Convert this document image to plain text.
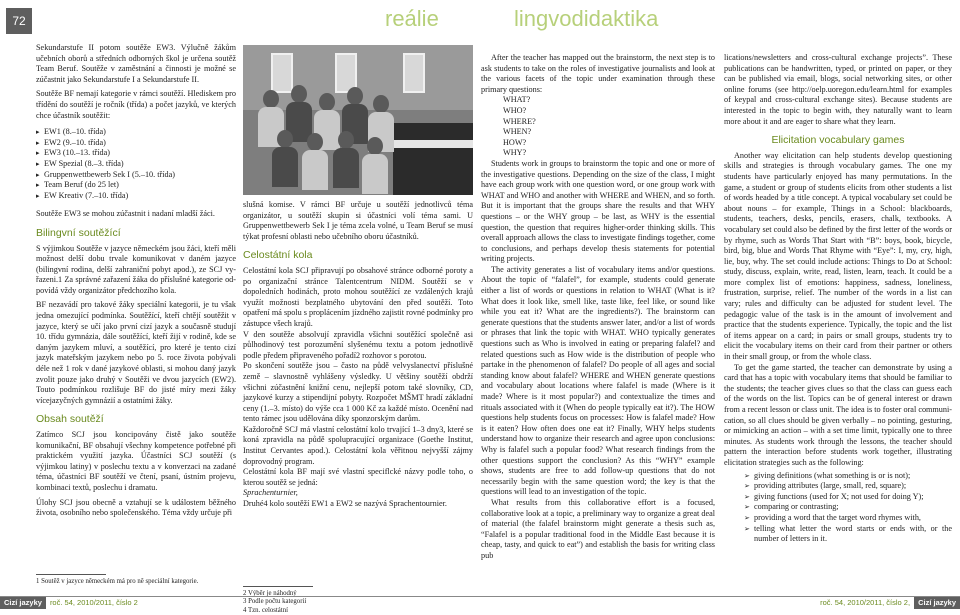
72	reálie	lingvodidaktika

Sekundarstufe II potom soutěže EW3. Výlučně žákům učebních oborů a středních odborných škol je určena soutěž Team Beruf. Soutěže v zaměstnání a činnosti je možné se zúčastnit jako Sekundarstufe I a Sekundarstufe II.

Soutěže BF nemají kategorie v rámci soutěží. Hlediskem pro třídění do soutěží je ročník (třída) a počet jazyků, ve kterých chce účastník soutěžit:

▸ EW1 (8.–10. třída)
▸ EW2 (9.–10. třída)
▸ EW3 (10.–13. třída)
▸ EW Spezial (8.–3. třída)
▸ Gruppenwettbewerb Sek I (5.–10. třída)
▸ Team Beruf (do 25 let)
▸ EW Kreativ (7.–10. třída)

Soutěže EW3 se mohou zúčastnit i nadaní mladší žáci.

Bilingvní soutěžící

S výjimkou Soutěže v jazyce německém jsou žáci, kteří měli možnost delší dobu trvale komunikovat v daném jazyce (bilingvní rodina, delší zahraniční pobyt apod.), ze SCJ vyřazeni.1 Za správné zařazení žáka do příslušné kategorie odpovídá vždy organizátor předchozího kola.

BF nezavádí pro takové žáky speciální kategorii, je tu však jedna omezující podmínka. Soutěžící, kteří chtějí soutěžit v jazyce, který se učí jako první cizí jazyk a současně studují 10. třídu gymnázia, dále soutěžící, kteří žijí v rodině, kde se daným jazykem mluví, a soutěžící, pro které je tento cizí jazyk mateřským jazykem nebo po 5. roce života pobývali déle než 1 rok v dané jazykové oblasti, si mohou daný jazyk zvolit pouze jako druhý v Soutěži ve dvou jazycích (EW2). Touto podmínkou rozlišuje BF do jisté míry mezi žáky vícejazyčných gymnázií a ostatními žáky.

Obsah soutěží

Zatímco SCJ jsou koncipovány čistě jako soutěže komunikační, BF obsahují všechny kompetence potřebné při praktickém využití jazyka. Účastníci SCJ soutěží (s výjimkou latiny) v poslechu textu a v konverzaci na zadané téma, účastníci BF soutěží ve čtení, psaní, ústním projevu, kombinaci textů, poslechu i dramatu.

Úlohy SCJ jsou obecně a vztahují se k událostem běžného života, osobního nebo společenského. Téma vždy určuje při

1 Soutěž v jazyce německém má pro ně speciální kategorie.

slušná komise. V rámci BF určuje u soutěží jednotlivců téma organizátor, u soutěží skupin si účastníci volí téma sami. U Gruppenwettbewerb Sek I je téma zcela volné, u Team Beruf se musí týkat profesní oblasti nebo učebního oboru účastníků.

Celostátní kola

Celostátní kola SCJ připravují po obsahové stránce odborné poroty a po organizační stránce Talentcentrum NIDM. Soutěží se v dopoledních hodinách, proto mohou soutěžící ze vzdálených krajů využít možnosti bezplatného ubytování den před soutěží. Toto opatření má spolu s proplácením jízdného zajistit rovné podmínky pro zástupce všech krajů.

V den soutěže absolvují zpravidla všichni soutěžící společně asi půlhodinový test porozumění slyšenému textu a potom jednotlivě podle předem připraveného pořadí2 rozhovor s porotou.

Po skončení soutěže jsou – často na půdě velvyslanectví příslušné země – slavnostně vyhlášeny výsledky. U většiny soutěží obdrží všichni zúčastnění knižní cenu, nejlepší potom také slovníky, CD, jazykové kurzy a stipendijní pobyty. Rozpočet MŠMT hradí základní ceny (1.–3. místo) do výše cca 1 000 Kč za každé místo. Ocenění nad tento rámec jsou udělována díky sponzorským darům.

Každoročně SCJ má vlastní celostátní kolo trvající 1–3 dny3, které se koná zpravidla na půdě spolupracující organizace (Goethe Institut, Institut Cervantes apod.). Celostátní kola věřitnou nejvyšší zájmy doprovodný program.

Celostátní kola BF mají své vlastní speciflcké názvy podle toho, o kterou soutěž se jedná:

Sprachenturnier,

Druhé4 kolo soutěží EW1 a EW2 se nazývá Sprachentournier.

2 Výběr je náhodný
3 Podle počtu kategorií
4 Tzn. celostátní

After the teacher has mapped out the brainstorm, the next step is to ask students to take on the roles of investigative journalists and look at the various facets of the topic under examination through these primary questions:

WHAT?
WHO?
WHERE?
WHEN?
HOW?
WHY?

Students work in groups to brainstorm the topic and one or more of the investigative questions. Depending on the size of the class, I might have each group work with one question word, or one group work with WHAT and WHO and another with WHERE and WHEN, and so forth. But it is important that the groups share the results and that WHY questions – or the WHY group – be last, as WHY is the essential question, the question that requires higher-order thinking skills. This overall approach allows the class to investigate findings together, come to conclusions, and perhaps develop thesis statements for potential writing projects.

The activity generates a list of vocabulary items and/or questions. About the topic of “falafel”, for example, students could generate either a list of words or questions in relation to WHAT (What is it? What does it look like, smell like, taste like, feel like, or sound like while you eat it? What are the ingredients?). The brainstorm can generate questions that the students answer later, and/or a list of words or phrases that link the topic with WHAT. WHO typically generates questions such as Who is involved in eating or preparing falafel? and related questions such as How wide is the distribution of people who partake in the phenomenon of falafel? Do people of all ages and social standing know about falafel? WHERE and WHEN generate questions and vocabulary about locations where falafel is made (Where is it made? Where is it most popular?) and contextualize the times and rituals associated with it (When do people typically eat it?). The HOW questions help students focus on processes: How is falafel made? How is it eaten? How often does one eat it? Finally, WHY helps students understand how to organize their research and agree upon conclusions: Why is falafel such a popular food? What research findings from the other questions support the conclusion? As this “WHY” example shows, students are free to add follow-up questions that do not necessarily begin with the same question word; the key is that the questions will lead to an investigation of the topic.

What results from this collaborative effort is a focused, collaborative look at a topic, a preliminary way to organize a great deal of material (the falafel brainstorm might generate a thesis such as, “Falafel is a popular traditional food in the Middle East because it is cheap, tasty, and quick to eat”) and establish the basis for writing class pub

lications/newsletters and cross-cultural exchange projects”. These publications can be handwritten, typed, or printed on paper, or they can be published via email, blogs, social networking sites, or other online forums (see http://oelp.uoregon.edu/learn.html for examples of keypal and cross-cultural exchange sites). Because students are interested in the topic to begin with, they naturally want to learn more about it and are eager to share what they learn.

Elicitation vocabulary games

Another way elicitation can help students develop questioning skills and strategies is through vocabulary games. The one my students have particularly enjoyed has many permutations. In the game, a student or group of students elicits from other students a list of words headed by a title concept. A typical vocabulary set could be about nouns – for example, Things in a School: blackboards, students, teachers, desks, pencils, erasers, chalk, textbooks. A vocabulary set could also be defined by the first letter of the words or by rhyme, such as Words That Start with “B”: boys, book, bicycle, bird, big, blue and Words That Rhyme with “Eye”: I, my, cry, high, lie, buy, why. The set could include actions: Things to Do at School: study, discuss, explain, write, read, listen, learn, teach. It could be a more complex list of emotions: happiness, sadness, loneliness, frustration, surprise, relief. The number of the words in a list can vary; rules and difficulty can be adjusted for student level. The pedagogic value of the task is in the amount of involvement and practice that the students experience. Typically, the topic and the list of items appear on a card; in pairs or small groups, students try to elicit the vocabulary items on their card from their partner or others in their small group, or from the whole class.

To get the game started, the teacher can demonstrate by using a card that has a topic with vocabulary items that should be familiar to the students; the teacher gives clues so that the class can guess each of the words on the list. Topics can be of general interest or drawn from a recent lesson or class unit. The idea is to foster oral communication, so all clues should be given verbally – no pointing, gesturing, or mimicking an action – with a set time limit, typically one to three minutes. As students work through the lessons, the teacher should pattern the interaction before students work together, illustrating elicitation strategies such as the following:

➢ giving definitions (what something is or is not);
➢ providing attributes (large, small, red, square);
➢ giving functions (used for X; not used for doing Y);
➢ comparing or contrasting;
➢ providing a word that the target word rhymes with,
➢ telling what letter the word starts or ends with, or the number of letters in it.
Cizí jazyky roč. 54, 2010/2011, číslo 2	roč. 54, 2010/2011, číslo 2, Cizí jazyky
